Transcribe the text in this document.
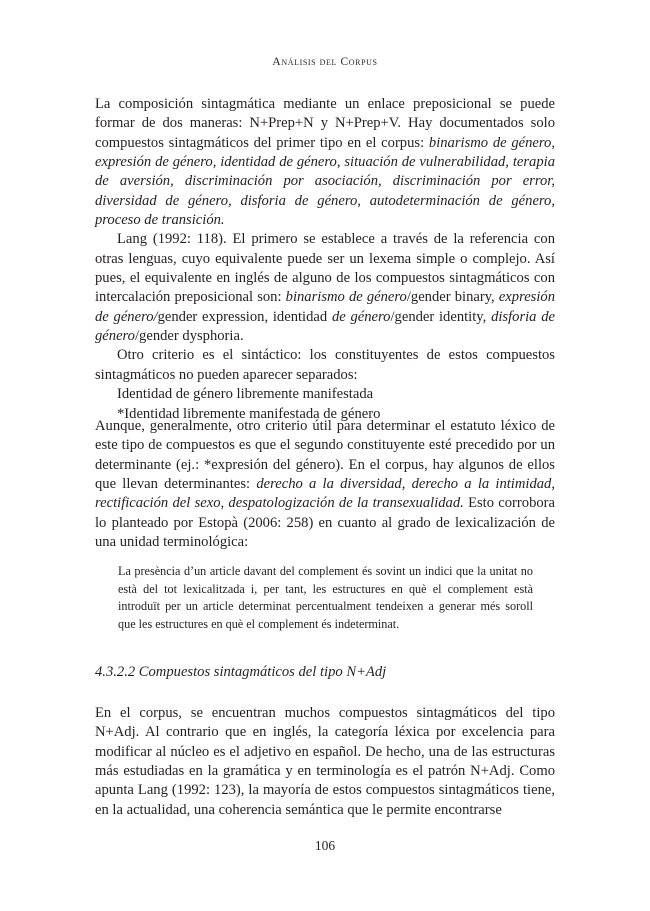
Análisis del Corpus

La composición sintagmática mediante un enlace preposicional se puede formar de dos maneras: N+Prep+N y N+Prep+V. Hay documentados solo compuestos sintagmáticos del primer tipo en el corpus: binarismo de género, expresión de género, identidad de género, situación de vulnerabilidad, terapia de aversión, discriminación por asociación, discriminación por error, diversidad de género, disforia de género, autodeterminación de género, proceso de transición.

Lang (1992: 118). El primero se establece a través de la referencia con otras lenguas, cuyo equivalente puede ser un lexema simple o complejo. Así pues, el equivalente en inglés de alguno de los compuestos sintagmáticos con intercalación preposicional son: binarismo de género/gender binary, expresión de género/gender expression, identidad de género/gender identity, disforia de género/gender dysphoria.

Otro criterio es el sintáctico: los constituyentes de estos compuestos sintagmáticos no pueden aparecer separados:

Identidad de género libremente manifestada

*Identidad libremente manifestada de género

Aunque, generalmente, otro criterio útil para determinar el estatuto léxico de este tipo de compuestos es que el segundo constituyente esté precedido por un determinante (ej.: *expresión del género). En el corpus, hay algunos de ellos que llevan determinantes: derecho a la diversidad, derecho a la intimidad, rectificación del sexo, despatologización de la transexualidad. Esto corrobora lo planteado por Estopà (2006: 258) en cuanto al grado de lexicalización de una unidad terminológica:

La presència d’un article davant del complement és sovint un indici que la unitat no està del tot lexicalitzada i, per tant, les estructures en què el complement està introduït per un article determinat percentualment tendeixen a generar més soroll que les estructures en què el complement és indeterminat.

4.3.2.2 Compuestos sintagmáticos del tipo N+Adj

En el corpus, se encuentran muchos compuestos sintagmáticos del tipo N+Adj. Al contrario que en inglés, la categoría léxica por excelencia para modificar al núcleo es el adjetivo en español. De hecho, una de las estructuras más estudiadas en la gramática y en terminología es el patrón N+Adj. Como apunta Lang (1992: 123), la mayoría de estos compuestos sintagmáticos tiene, en la actualidad, una coherencia semántica que le permite encontrarse

106
